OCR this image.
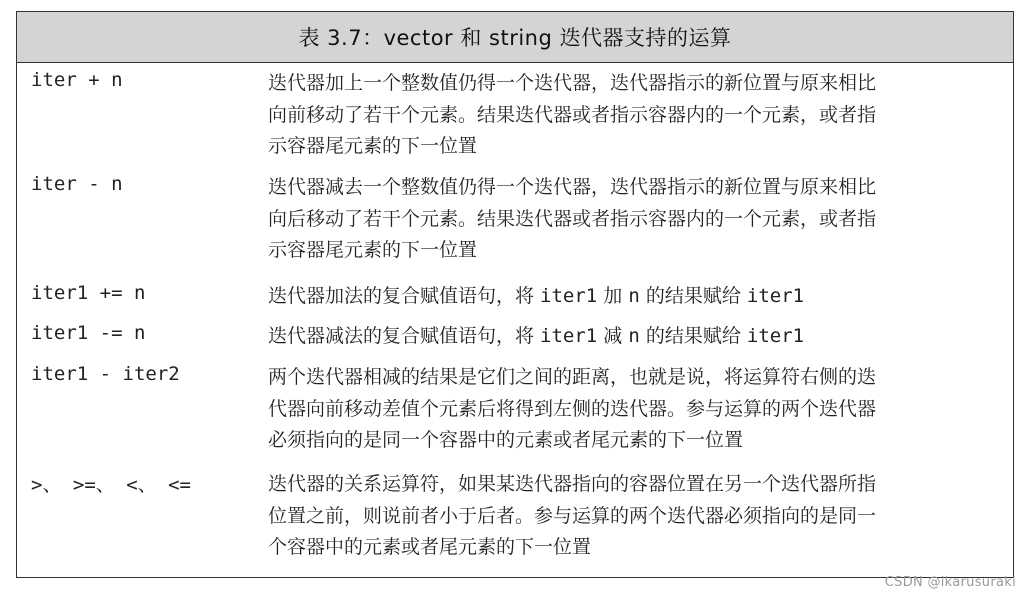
表 3.7：vector 和 string 迭代器支持的运算
iter + n	迭代器加上一个整数值仍得一个迭代器，迭代器指示的新位置与原来相比
向前移动了若干个元素。结果迭代器或者指示容器内的一个元素，或者指
示容器尾元素的下一位置
iter - n	迭代器减去一个整数值仍得一个迭代器，迭代器指示的新位置与原来相比
向后移动了若干个元素。结果迭代器或者指示容器内的一个元素，或者指
示容器尾元素的下一位置
iter1 += n	迭代器加法的复合赋值语句，将 iter1 加 n 的结果赋给 iter1
iter1 -= n	迭代器减法的复合赋值语句，将 iter1 减 n 的结果赋给 iter1
iter1 - iter2	两个迭代器相减的结果是它们之间的距离，也就是说，将运算符右侧的迭
代器向前移动差值个元素后将得到左侧的迭代器。参与运算的两个迭代器
必须指向的是同一个容器中的元素或者尾元素的下一位置
>、 >=、 <、 <=	迭代器的关系运算符，如果某迭代器指向的容器位置在另一个迭代器所指
位置之前，则说前者小于后者。参与运算的两个迭代器必须指向的是同一
个容器中的元素或者尾元素的下一位置
CSDN @ikarusuraki
